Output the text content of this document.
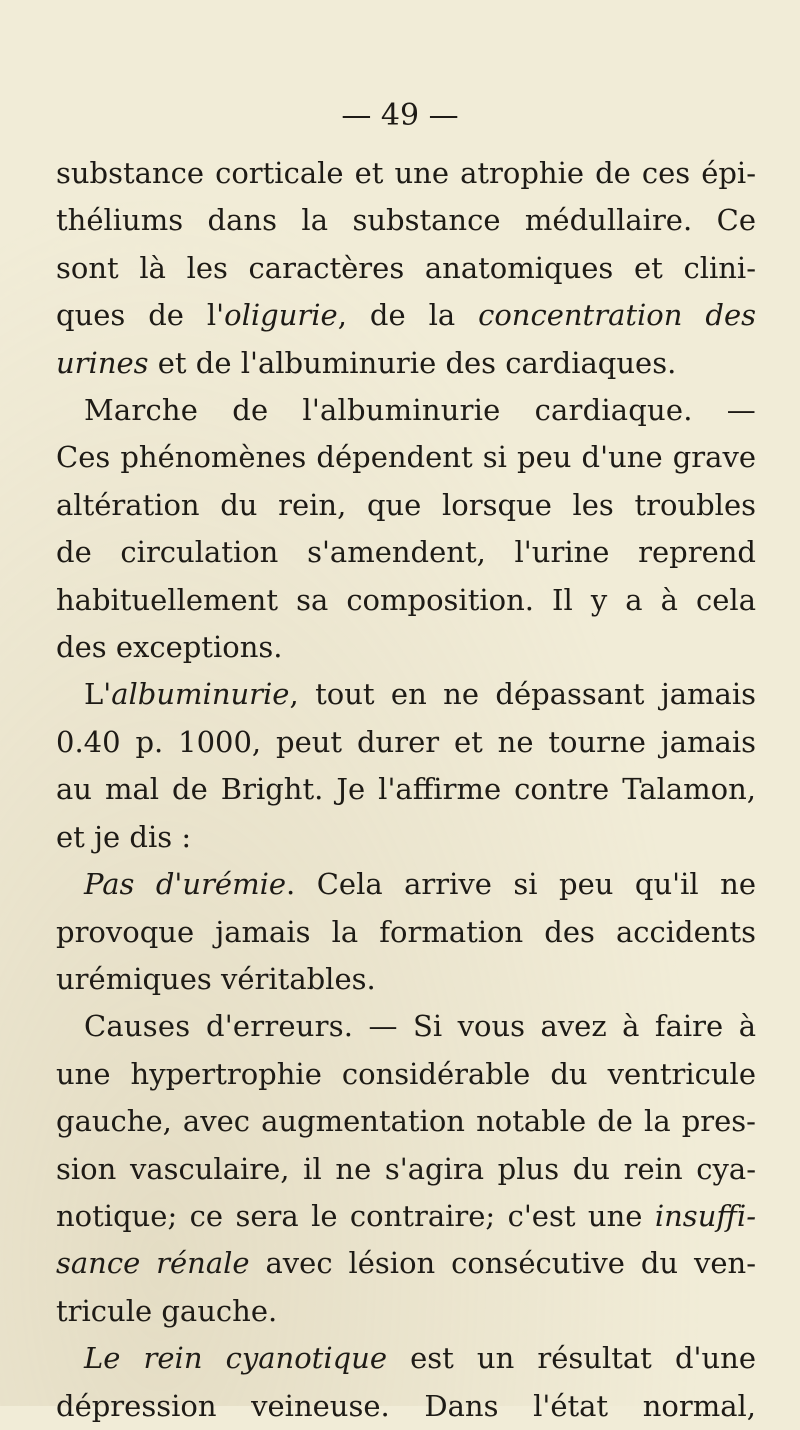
— 49 —
substance corticale et une atrophie de ces épi-
théliums dans la substance médullaire. Ce
sont là les caractères anatomiques et clini-
ques de l'oligurie, de la concentration des
urines et de l'albuminurie des cardiaques.
Marche de l'albuminurie cardiaque. —
Ces phénomènes dépendent si peu d'une grave
altération du rein, que lorsque les troubles
de circulation s'amendent, l'urine reprend
habituellement sa composition. Il y a à cela
des exceptions.
L'albuminurie, tout en ne dépassant jamais
0.40 p. 1000, peut durer et ne tourne jamais
au mal de Bright. Je l'affirme contre Talamon,
et je dis :
Pas d'urémie. Cela arrive si peu qu'il ne
provoque jamais la formation des accidents
urémiques véritables.
Causes d'erreurs. — Si vous avez à faire à
une hypertrophie considérable du ventricule
gauche, avec augmentation notable de la pres-
sion vasculaire, il ne s'agira plus du rein cya-
notique; ce sera le contraire; c'est une insuffi-
sance rénale avec lésion consécutive du ven-
tricule gauche.
Le rein cyanotique est un résultat d'une
dépression veineuse. Dans l'état normal,
